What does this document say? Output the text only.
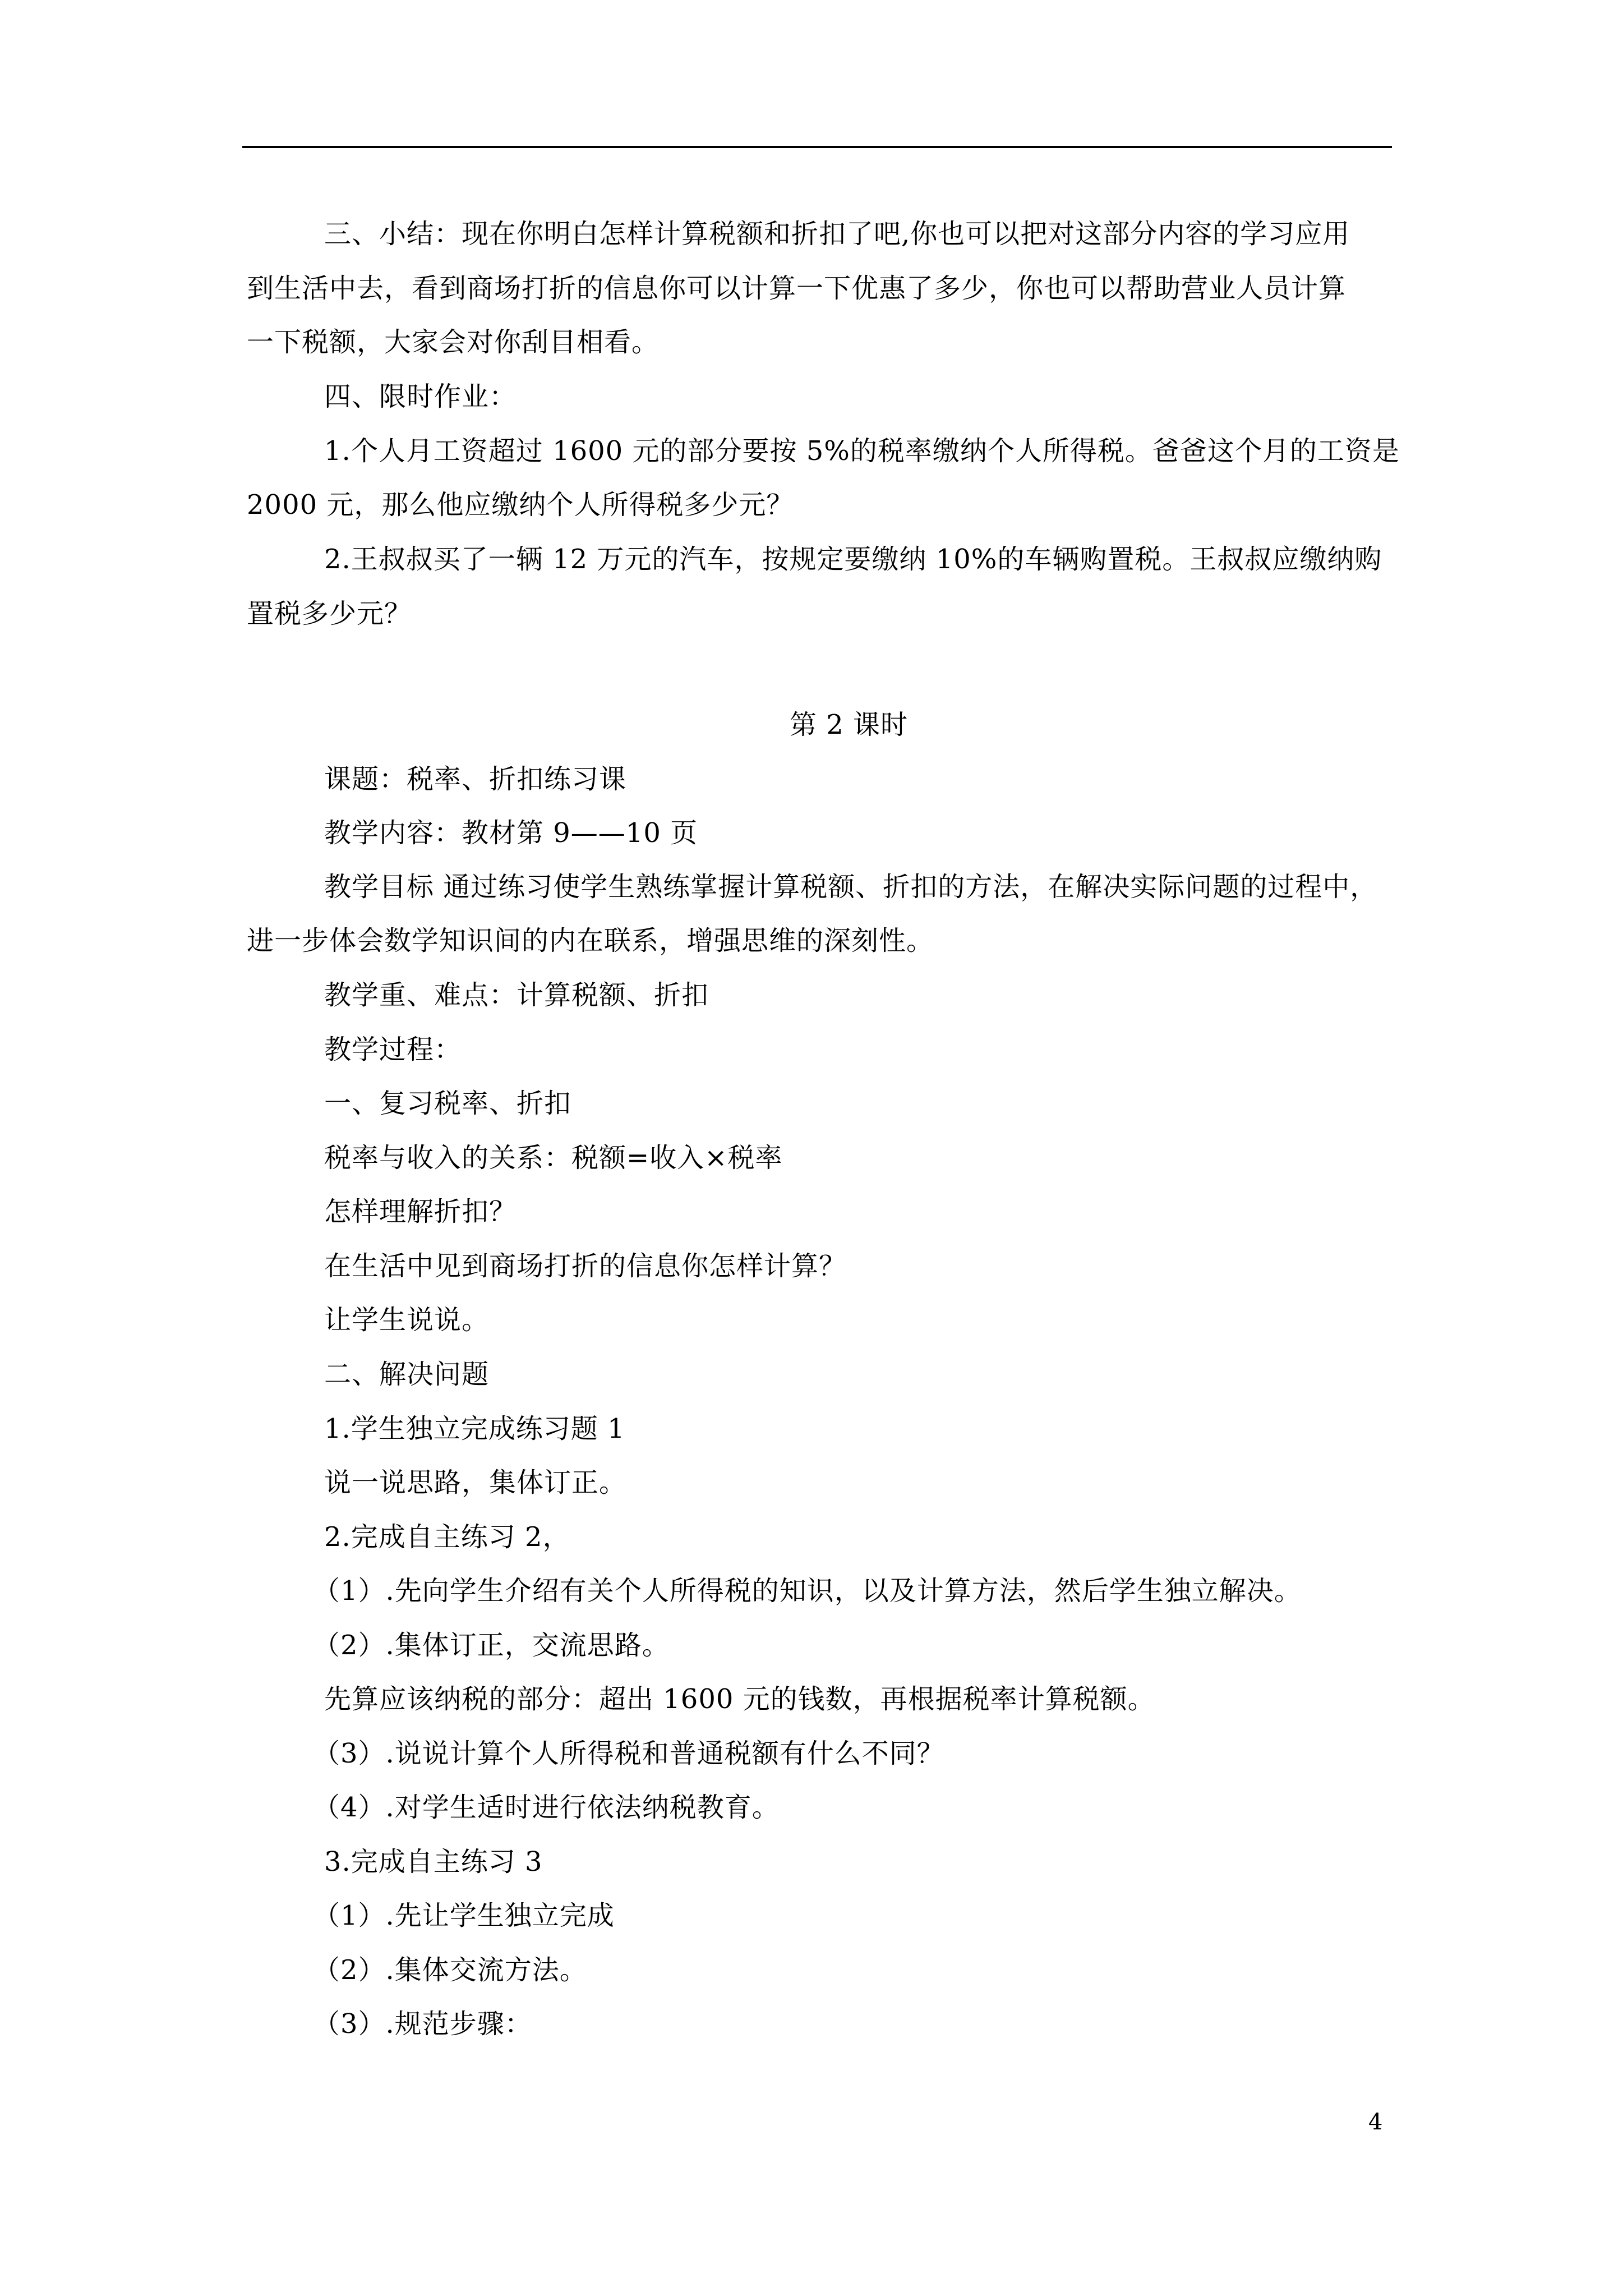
三、小结：现在你明白怎样计算税额和折扣了吧,你也可以把对这部分内容的学习应用
到生活中去，看到商场打折的信息你可以计算一下优惠了多少，你也可以帮助营业人员计算
一下税额，大家会对你刮目相看。
四、限时作业：
1.个人月工资超过 1600 元的部分要按 5%的税率缴纳个人所得税。爸爸这个月的工资是
2000 元，那么他应缴纳个人所得税多少元？
2.王叔叔买了一辆 12 万元的汽车，按规定要缴纳 10%的车辆购置税。王叔叔应缴纳购
置税多少元？
第 2 课时
课题：税率、折扣练习课
教学内容：教材第 9——10 页
教学目标 通过练习使学生熟练掌握计算税额、折扣的方法，在解决实际问题的过程中，
进一步体会数学知识间的内在联系，增强思维的深刻性。
教学重、难点：计算税额、折扣
教学过程：
一、复习税率、折扣
税率与收入的关系：税额=收入×税率
怎样理解折扣？
在生活中见到商场打折的信息你怎样计算？
让学生说说。
二、解决问题
1.学生独立完成练习题 1
说一说思路，集体订正。
2.完成自主练习 2，
（1）.先向学生介绍有关个人所得税的知识，以及计算方法，然后学生独立解决。
（2）.集体订正，交流思路。
先算应该纳税的部分：超出 1600 元的钱数，再根据税率计算税额。
（3）.说说计算个人所得税和普通税额有什么不同？
（4）.对学生适时进行依法纳税教育。
3.完成自主练习 3
（1）.先让学生独立完成
（2）.集体交流方法。
（3）.规范步骤：
4
